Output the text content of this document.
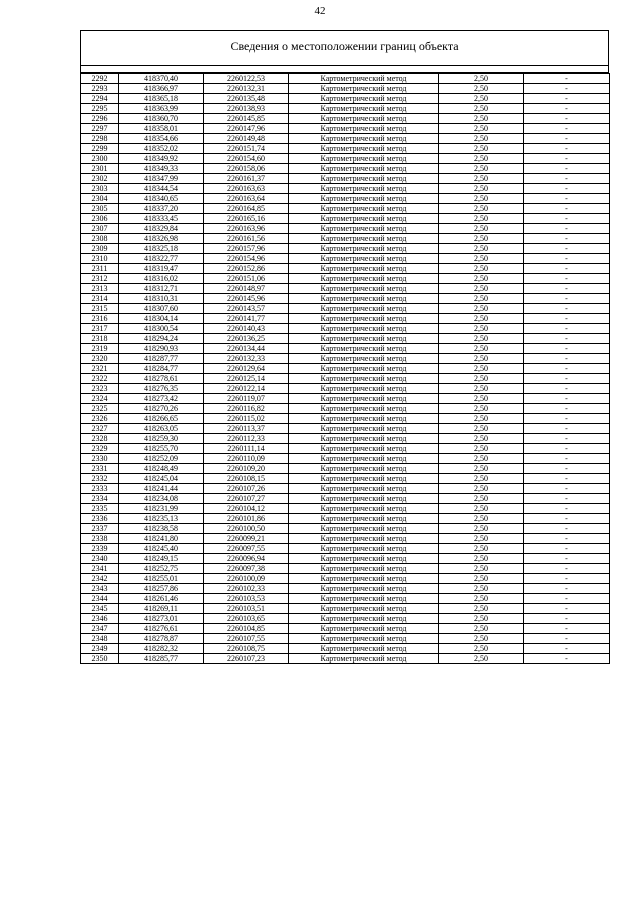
42
Сведения о местоположении границ объекта
2292	418370,40	2260122,53	Картометрический метод	2,50	-
2293	418366,97	2260132,31	Картометрический метод	2,50	-
2294	418365,18	2260135,48	Картометрический метод	2,50	-
2295	418363,99	2260138,93	Картометрический метод	2,50	-
2296	418360,70	2260145,85	Картометрический метод	2,50	-
2297	418358,01	2260147,96	Картометрический метод	2,50	-
2298	418354,66	2260149,48	Картометрический метод	2,50	-
2299	418352,02	2260151,74	Картометрический метод	2,50	-
2300	418349,92	2260154,60	Картометрический метод	2,50	-
2301	418349,33	2260158,06	Картометрический метод	2,50	-
2302	418347,99	2260161,37	Картометрический метод	2,50	-
2303	418344,54	2260163,63	Картометрический метод	2,50	-
2304	418340,65	2260163,64	Картометрический метод	2,50	-
2305	418337,20	2260164,85	Картометрический метод	2,50	-
2306	418333,45	2260165,16	Картометрический метод	2,50	-
2307	418329,84	2260163,96	Картометрический метод	2,50	-
2308	418326,98	2260161,56	Картометрический метод	2,50	-
2309	418325,18	2260157,96	Картометрический метод	2,50	-
2310	418322,77	2260154,96	Картометрический метод	2,50	-
2311	418319,47	2260152,86	Картометрический метод	2,50	-
2312	418316,02	2260151,06	Картометрический метод	2,50	-
2313	418312,71	2260148,97	Картометрический метод	2,50	-
2314	418310,31	2260145,96	Картометрический метод	2,50	-
2315	418307,60	2260143,57	Картометрический метод	2,50	-
2316	418304,14	2260141,77	Картометрический метод	2,50	-
2317	418300,54	2260140,43	Картометрический метод	2,50	-
2318	418294,24	2260136,25	Картометрический метод	2,50	-
2319	418290,93	2260134,44	Картометрический метод	2,50	-
2320	418287,77	2260132,33	Картометрический метод	2,50	-
2321	418284,77	2260129,64	Картометрический метод	2,50	-
2322	418278,61	2260125,14	Картометрический метод	2,50	-
2323	418276,35	2260122,14	Картометрический метод	2,50	-
2324	418273,42	2260119,07	Картометрический метод	2,50	-
2325	418270,26	2260116,82	Картометрический метод	2,50	-
2326	418266,65	2260115,02	Картометрический метод	2,50	-
2327	418263,05	2260113,37	Картометрический метод	2,50	-
2328	418259,30	2260112,33	Картометрический метод	2,50	-
2329	418255,70	2260111,14	Картометрический метод	2,50	-
2330	418252,09	2260110,09	Картометрический метод	2,50	-
2331	418248,49	2260109,20	Картометрический метод	2,50	-
2332	418245,04	2260108,15	Картометрический метод	2,50	-
2333	418241,44	2260107,26	Картометрический метод	2,50	-
2334	418234,08	2260107,27	Картометрический метод	2,50	-
2335	418231,99	2260104,12	Картометрический метод	2,50	-
2336	418235,13	2260101,86	Картометрический метод	2,50	-
2337	418238,58	2260100,50	Картометрический метод	2,50	-
2338	418241,80	2260099,21	Картометрический метод	2,50	-
2339	418245,40	2260097,55	Картометрический метод	2,50	-
2340	418249,15	2260096,94	Картометрический метод	2,50	-
2341	418252,75	2260097,38	Картометрический метод	2,50	-
2342	418255,01	2260100,09	Картометрический метод	2,50	-
2343	418257,86	2260102,33	Картометрический метод	2,50	-
2344	418261,46	2260103,53	Картометрический метод	2,50	-
2345	418269,11	2260103,51	Картометрический метод	2,50	-
2346	418273,01	2260103,65	Картометрический метод	2,50	-
2347	418276,61	2260104,85	Картометрический метод	2,50	-
2348	418278,87	2260107,55	Картометрический метод	2,50	-
2349	418282,32	2260108,75	Картометрический метод	2,50	-
2350	418285,77	2260107,23	Картометрический метод	2,50	-
